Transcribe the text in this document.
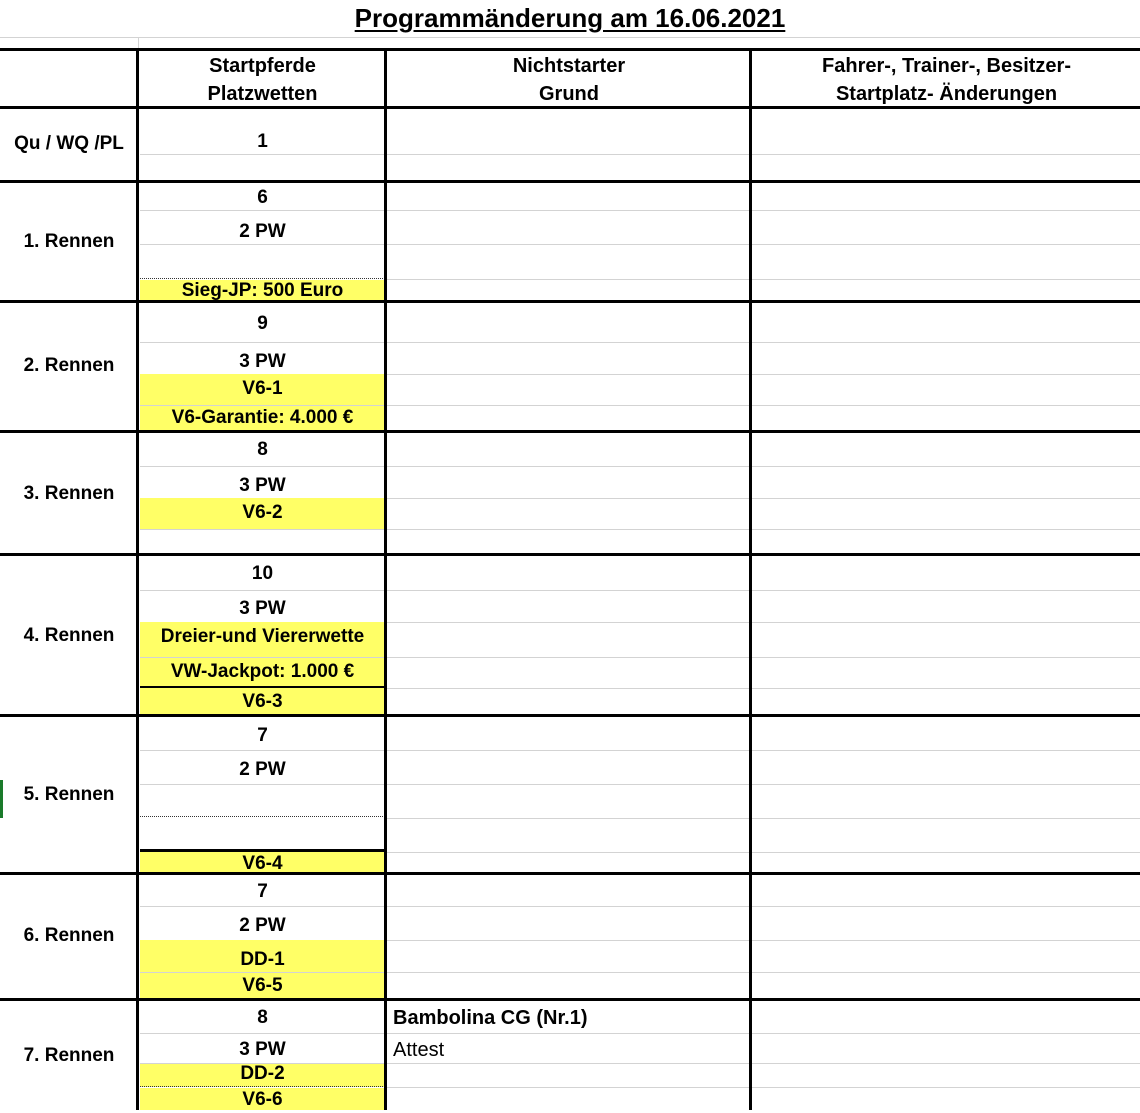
Programmänderung am 16.06.2021
Startpferde
Platzwetten
Nichtstarter
Grund
Fahrer-, Trainer-, Besitzer-
Startplatz- Änderungen
Qu / WQ /PL	1
1. Rennen
6
2 PW
Sieg-JP: 500 Euro
2. Rennen
9
3 PW
V6-1
V6-Garantie: 4.000 €
3. Rennen
8
3 PW
V6-2
4. Rennen
10
3 PW
Dreier-und Viererwette
VW-Jackpot: 1.000 €
V6-3
5. Rennen
7
2 PW
V6-4
6. Rennen
7
2 PW
DD-1
V6-5
7. Rennen
8
3 PW
DD-2
V6-6
Bambolina CG (Nr.1)
Attest
